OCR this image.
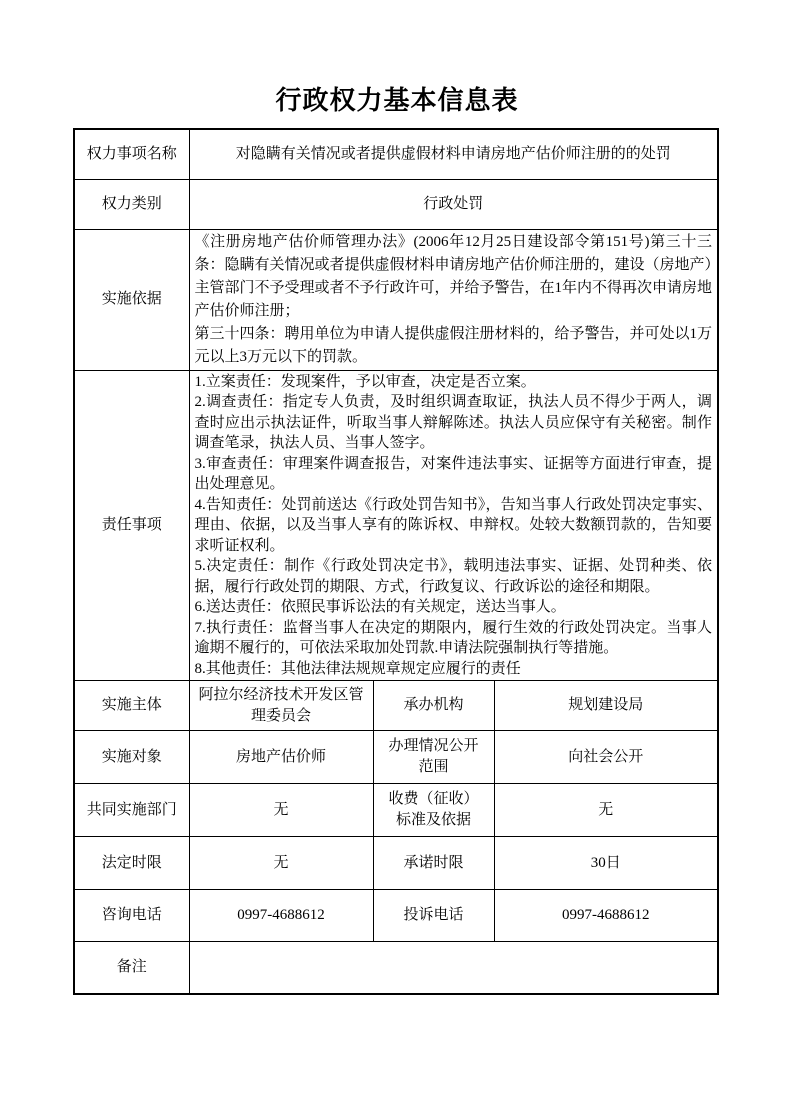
行政权力基本信息表
权力事项名称	对隐瞒有关情况或者提供虚假材料申请房地产估价师注册的的处罚		
权力类别	行政处罚		
实施依据	《注册房地产估价师管理办法》(2006年12月25日建设部令第151号)第三十三条：隐瞒有关情况或者提供虚假材料申请房地产估价师注册的，建设（房地产）主管部门不予受理或者不予行政许可，并给予警告，在1年内不得再次申请房地产估价师注册；
第三十四条：聘用单位为申请人提供虚假注册材料的，给予警告，并可处以1万元以上3万元以下的罚款。		

责任事项	
1.立案责任：发现案件，予以审查，决定是否立案。
2.调查责任：指定专人负责，及时组织调查取证，执法人员不得少于两人，调查时应出示执法证件，听取当事人辩解陈述。执法人员应保守有关秘密。制作调查笔录，执法人员、当事人签字。
3.审查责任：审理案件调查报告，对案件违法事实、证据等方面进行审查，提出处理意见。
4.告知责任：处罚前送达《行政处罚告知书》，告知当事人行政处罚决定事实、理由、依据，以及当事人享有的陈诉权、申辩权。处较大数额罚款的，告知要求听证权利。
5.决定责任：制作《行政处罚决定书》，载明违法事实、证据、处罚种类、依据，履行行政处罚的期限、方式，行政复议、行政诉讼的途径和期限。
6.送达责任：依照民事诉讼法的有关规定，送达当事人。
7.执行责任：监督当事人在决定的期限内，履行生效的行政处罚决定。当事人逾期不履行的，可依法采取加处罚款.申请法院强制执行等措施。
8.其他责任：其他法律法规规章规定应履行的责任

实施主体	阿拉尔经济技术开发区管理委员会	承办机构	规划建设局
实施对象	房地产估价师	办理情况公开范围	向社会公开
共同实施部门	无	收费（征收）标准及依据	无
法定时限	无	承诺时限	30日
咨询电话	0997-4688612	投诉电话	0997-4688612
备注			
